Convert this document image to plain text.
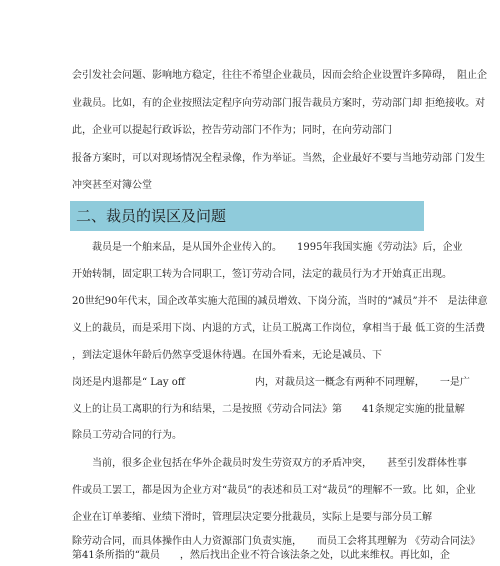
会引发社会问题、影响地方稳定，往往不希望企业裁员，因而会给企业设置许多障碍，　阻止企
业裁员。比如，有的企业按照法定程序向劳动部门报告裁员方案时，劳动部门却 拒绝接收。对
此，企业可以提起行政诉讼，控告劳动部门不作为；同时，在向劳动部门
报备方案时，可以对现场情况全程录像，作为举证。当然，企业最好不要与当地劳动部 门发生
冲突甚至对簿公堂
二、裁员的误区及问题
　　裁员是一个舶来品，是从国外企业传入的。　　1995年我国实施《劳动法》后，企业
开始转制，固定职工转为合同职工，签订劳动合同，法定的裁员行为才开始真正出现。
20世纪90年代末，国企改革实施大范围的减员增效、下岗分流，当时的“减员”并不　是法律意
义上的裁员，而是采用下岗、内退的方式，让员工脱离工作岗位，拿相当于最 低工资的生活费
，到法定退休年龄后仍然享受退休待遇。在国外看来，无论是减员、下
岗还是内退都是“ Lay off　　　　　　　内，对裁员这一概念有两种不同理解，　　一是广
义上的让员工离职的行为和结果，二是按照《劳动合同法》第　　41条规定实施的批量解
除员工劳动合同的行为。
　　当前，很多企业包括在华外企裁员时发生劳资双方的矛盾冲突，　　甚至引发群体性事
件或员工罢工，都是因为企业方对“裁员”的表述和员工对“裁员”的理解不一致。比 如，企业
企业在订单萎缩、业绩下滑时，管理层决定要分批裁员，实际上是要与部分员工解
除劳动合同，而具体操作由人力资源部门负责实施，　　而员工会将其理解为 《劳动合同法》
第41条所指的“裁员　　，然后找出企业不符合该法条之处，以此来维权。再比如，企
